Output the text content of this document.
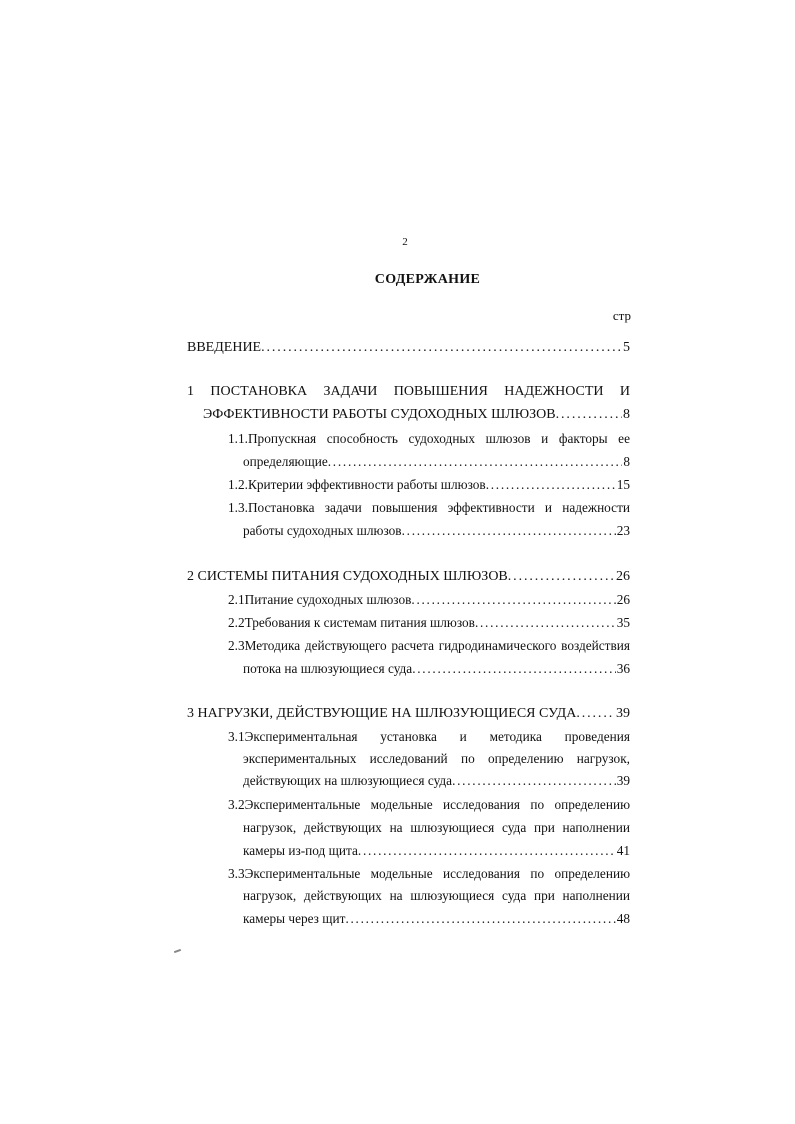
2
СОДЕРЖАНИЕ
стр
ВВЕДЕНИЕ . . .	5
1 ПОСТАНОВКА ЗАДАЧИ ПОВЫШЕНИЯ НАДЕЖНОСТИ И
ЭФФЕКТИВНОСТИ РАБОТЫ СУДОХОДНЫХ ШЛЮЗОВ . . .	8
1.1.Пропускная способность судоходных шлюзов и факторы ее
определяющие . . .	8
1.2.Критерии эффективности работы шлюзов . . .	15
1.3.Постановка задачи повышения эффективности и надежности
работы судоходных шлюзов . . .	23
2 СИСТЕМЫ ПИТАНИЯ СУДОХОДНЫХ ШЛЮЗОВ . . .	26
2.1Питание судоходных шлюзов . . .	26
2.2Требования к системам питания шлюзов . . .	35
2.3Методика действующего расчета гидродинамического воздействия
потока на шлюзующиеся суда . . .	36
3 НАГРУЗКИ, ДЕЙСТВУЮЩИЕ НА ШЛЮЗУЮЩИЕСЯ СУДА . . .	39
3.1Экспериментальная установка и методика проведения
экспериментальных исследований по определению нагрузок,
действующих на шлюзующиеся суда . . .	39
3.2Экспериментальные модельные исследования по определению
нагрузок, действующих на шлюзующиеся суда при наполнении
камеры из-под щита . . .	41
3.3Экспериментальные модельные исследования по определению
нагрузок, действующих на шлюзующиеся суда при наполнении
камеры через щит . . .	48
